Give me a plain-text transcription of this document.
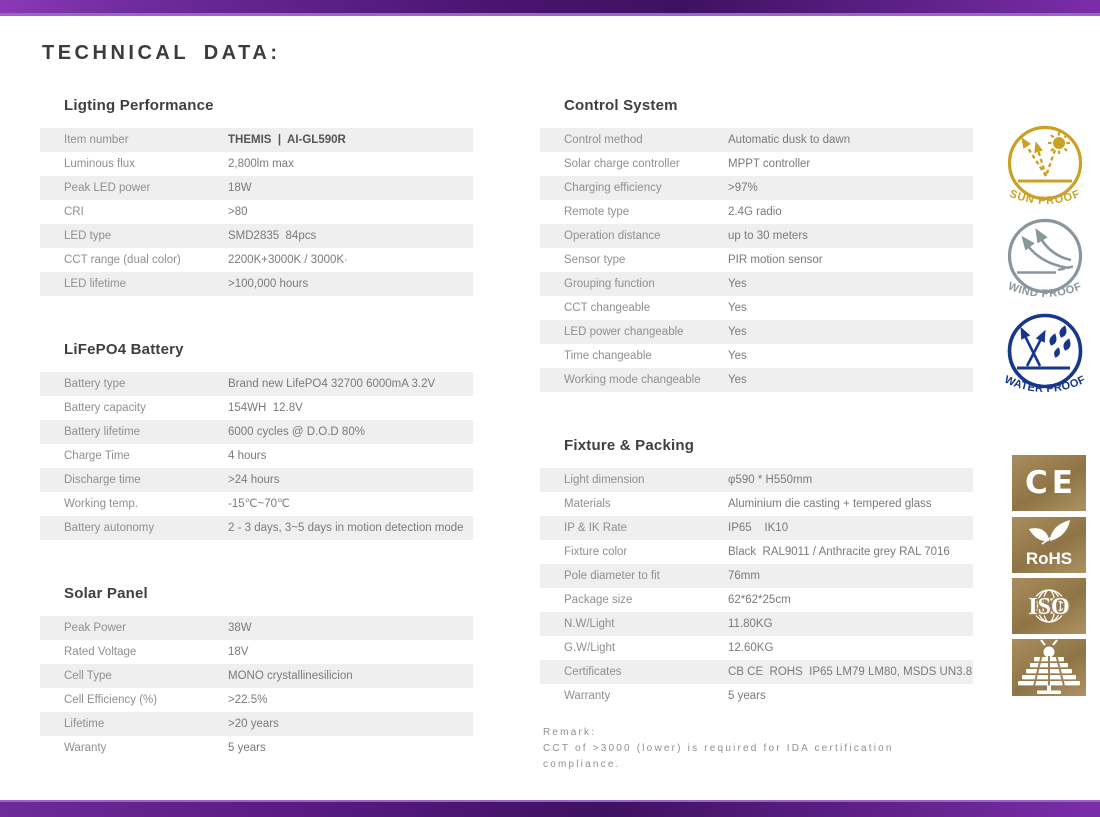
TECHNICAL DATA:
Ligting Performance
Item number	THEMIS  |  AI-GL590R
Luminous flux	2,800lm max
Peak LED power	18W
CRI	>80
LED type	SMD2835  84pcs
CCT range (dual color)	2200K+3000K / 3000K·
LED lifetime	>100,000 hours
LiFePO4 Battery
Battery type	Brand new LifePO4 32700 6000mA 3.2V
Battery capacity	154WH  12.8V
Battery lifetime	6000 cycles @ D.O.D 80%
Charge Time	4 hours
Discharge time	>24 hours
Working temp.	-15℃~70℃
Battery autonomy	2 - 3 days, 3~5 days in motion detection mode
Solar Panel
Peak Power	38W
Rated Voltage	18V
Cell Type	MONO crystallinesilicion
Cell Efficiency (%)	>22.5%
Lifetime	>20 years
Waranty	5 years
Control System
Control method	Automatic dusk to dawn
Solar charge controller	MPPT controller
Charging efficiency	>97%
Remote type	2.4G radio
Operation distance	up to 30 meters
Sensor type	PIR motion sensor
Grouping function	Yes
CCT changeable	Yes
LED power changeable	Yes
Time changeable	Yes
Working mode changeable	Yes
Fixture & Packing
Light dimension	φ590 * H550mm
Materials	Aluminium die casting + tempered glass
IP & IK Rate	IP65    IK10
Fixture color	Black  RAL9011 / Anthracite grey RAL 7016
Pole diameter to fit	76mm
Package size	62*62*25cm
N.W/Light	11.80KG
G.W/Light	12.60KG
Certificates	CB CE  ROHS  IP65 LM79 LM80, MSDS UN3.8
Warranty	5 years
Remark:
CCT of >3000 (lower) is required for IDA certification compliance.
SUN PROOF
WIND PROOF
WATER PROOF
CE
RoHS
ISO
